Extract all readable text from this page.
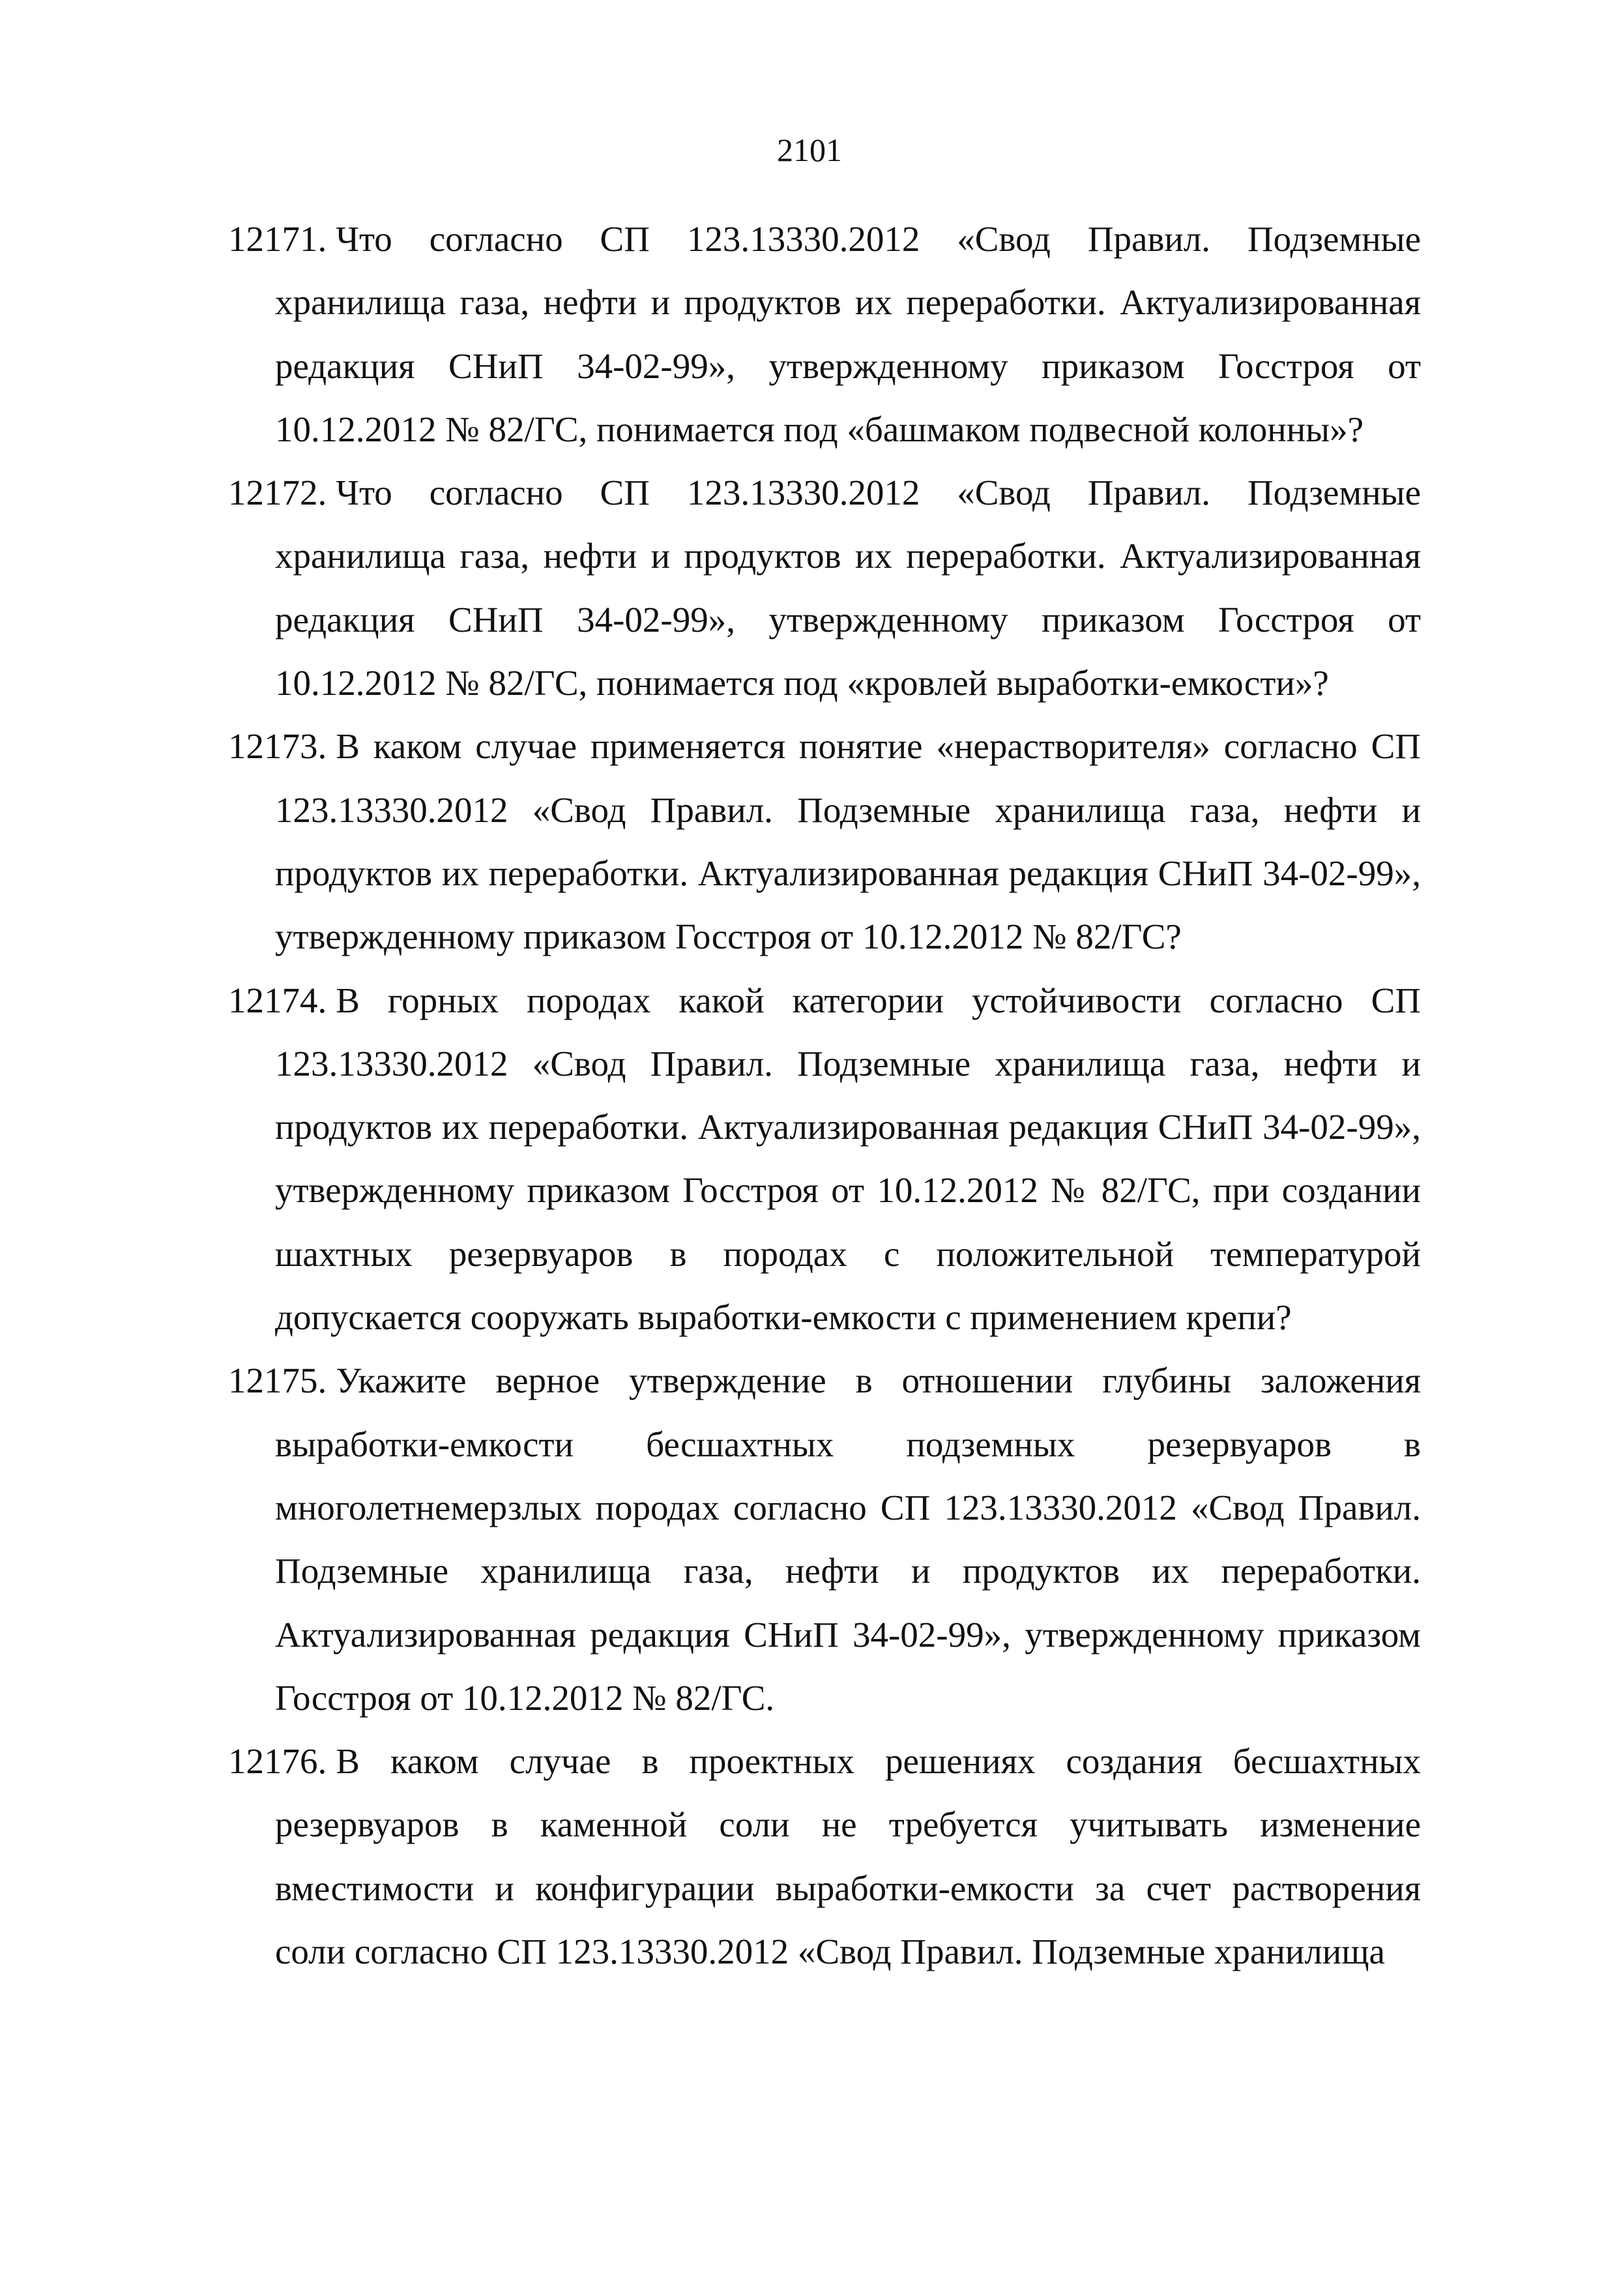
2101
12171. Что согласно СП 123.13330.2012 «Свод Правил. Подземные хранилища газа, нефти и продуктов их переработки. Актуализированная редакция СНиП 34-02-99», утвержденному приказом Госстроя от 10.12.2012 № 82/ГС, понимается под «башмаком подвесной колонны»?
12172. Что согласно СП 123.13330.2012 «Свод Правил. Подземные хранилища газа, нефти и продуктов их переработки. Актуализированная редакция СНиП 34-02-99», утвержденному приказом Госстроя от 10.12.2012 № 82/ГС, понимается под «кровлей выработки-емкости»?
12173. В каком случае применяется понятие «нерастворителя» согласно СП 123.13330.2012 «Свод Правил. Подземные хранилища газа, нефти и продуктов их переработки. Актуализированная редакция СНиП 34-02-99», утвержденному приказом Госстроя от 10.12.2012 № 82/ГС?
12174. В горных породах какой категории устойчивости согласно СП 123.13330.2012 «Свод Правил. Подземные хранилища газа, нефти и продуктов их переработки. Актуализированная редакция СНиП 34-02-99», утвержденному приказом Госстроя от 10.12.2012 № 82/ГС, при создании шахтных резервуаров в породах с положительной температурой допускается сооружать выработки-емкости с применением крепи?
12175. Укажите верное утверждение в отношении глубины заложения выработки-емкости бесшахтных подземных резервуаров в многолетнемерзлых породах согласно СП 123.13330.2012 «Свод Правил. Подземные хранилища газа, нефти и продуктов их переработки. Актуализированная редакция СНиП 34-02-99», утвержденному приказом Госстроя от 10.12.2012 № 82/ГС.
12176. В каком случае в проектных решениях создания бесшахтных резервуаров в каменной соли не требуется учитывать изменение вместимости и конфигурации выработки-емкости за счет растворения соли согласно СП 123.13330.2012 «Свод Правил. Подземные хранилища
